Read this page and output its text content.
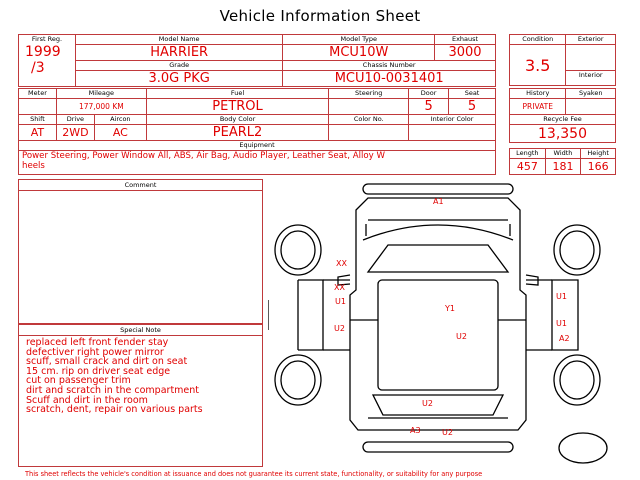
Vehicle Information Sheet
First Reg.
1999
/3	Model Name	Model Type	Exhaust
	HARRIER	MCU10W	3000
	Grade	Chassis Number	
	3.0G PKG	MCU10-0031401	
Condition	Exterior
3.5	
	Interior
Meter	Mileage	Fuel	Steering	Door	Seat
	177,000 KM	PETROL		5	5
Shift	Drive	Aircon	Body Color	Color No.	Interior Color
AT	2WD	AC	PEARL2		
Equipment					

Power Steering, Power Window All, ABS, Air Bag, Audio Player, Leather Seat, Alloy W
heels					
History	Syaken
PRIVATE	
Recycle Fee	
13,350	
Length	Width	Height
457	181	166
Comment
Special Note
replaced left front fender stay
defectiver right power mirror
scuff, small crack and dirt on seat
15 cm. rip on driver seat edge
cut on passenger trim
dirt and scratch in the compartment
Scuff and dirt in the room
scratch, dent, repair on various parts
A1
XX
XX
U1
U2
Y1
U2
U1
U1
A2
U2
A3	U2
This sheet reflects the vehicle's condition at issuance and does not guarantee its current state, functionality, or suitability for any purpose
